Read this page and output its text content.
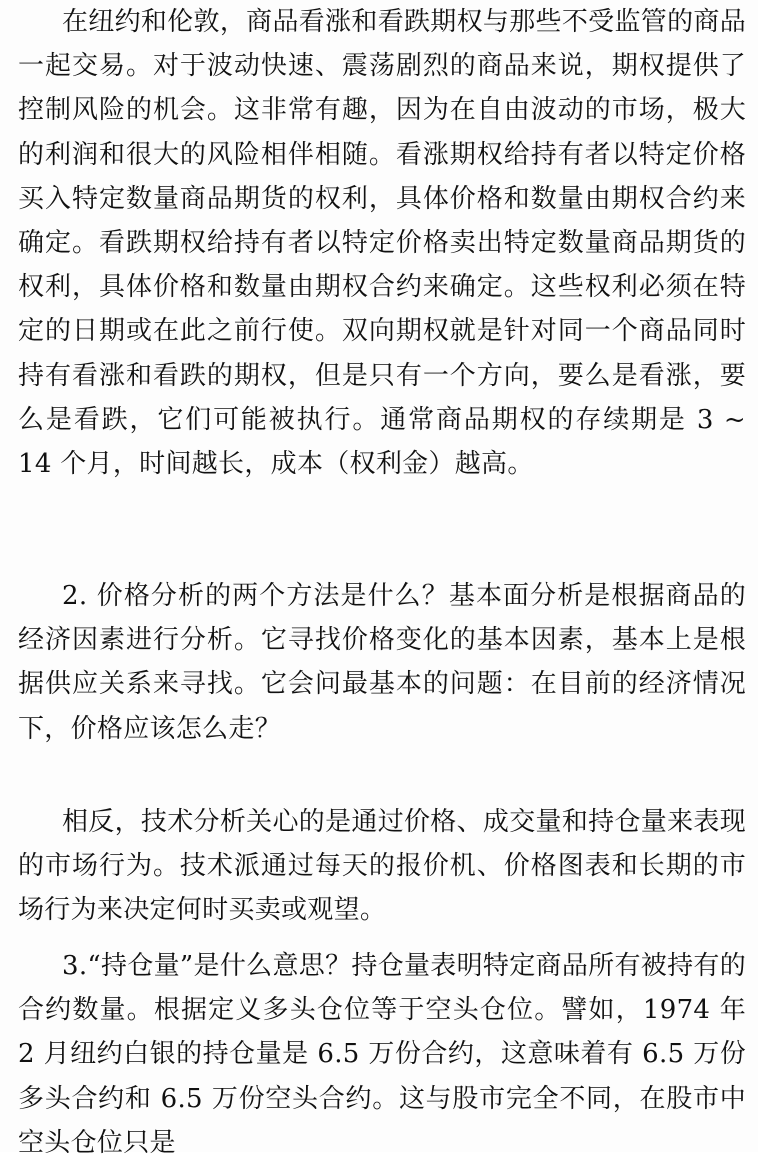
在纽约和伦敦，商品看涨和看跌期权与那些不受监管的商品一起交易。对于波动快速、震荡剧烈的商品来说，期权提供了控制风险的机会。这非常有趣，因为在自由波动的市场，极大的利润和很大的风险相伴相随。看涨期权给持有者以特定价格买入特定数量商品期货的权利，具体价格和数量由期权合约来确定。看跌期权给持有者以特定价格卖出特定数量商品期货的权利，具体价格和数量由期权合约来确定。这些权利必须在特定的日期或在此之前行使。双向期权就是针对同一个商品同时持有看涨和看跌的期权，但是只有一个方向，要么是看涨，要么是看跌，它们可能被执行。通常商品期权的存续期是 3 ~ 14 个月，时间越长，成本（权利金）越高。

2. 价格分析的两个方法是什么？基本面分析是根据商品的经济因素进行分析。它寻找价格变化的基本因素，基本上是根据供应关系来寻找。它会问最基本的问题：在目前的经济情况下，价格应该怎么走？

相反，技术分析关心的是通过价格、成交量和持仓量来表现的市场行为。技术派通过每天的报价机、价格图表和长期的市场行为来决定何时买卖或观望。

3.“持仓量”是什么意思？持仓量表明特定商品所有被持有的合约数量。根据定义多头仓位等于空头仓位。譬如，1974 年 2 月纽约白银的持仓量是 6.5 万份合约，这意味着有 6.5 万份多头合约和 6.5 万份空头合约。这与股市完全不同，在股市中空头仓位只是
